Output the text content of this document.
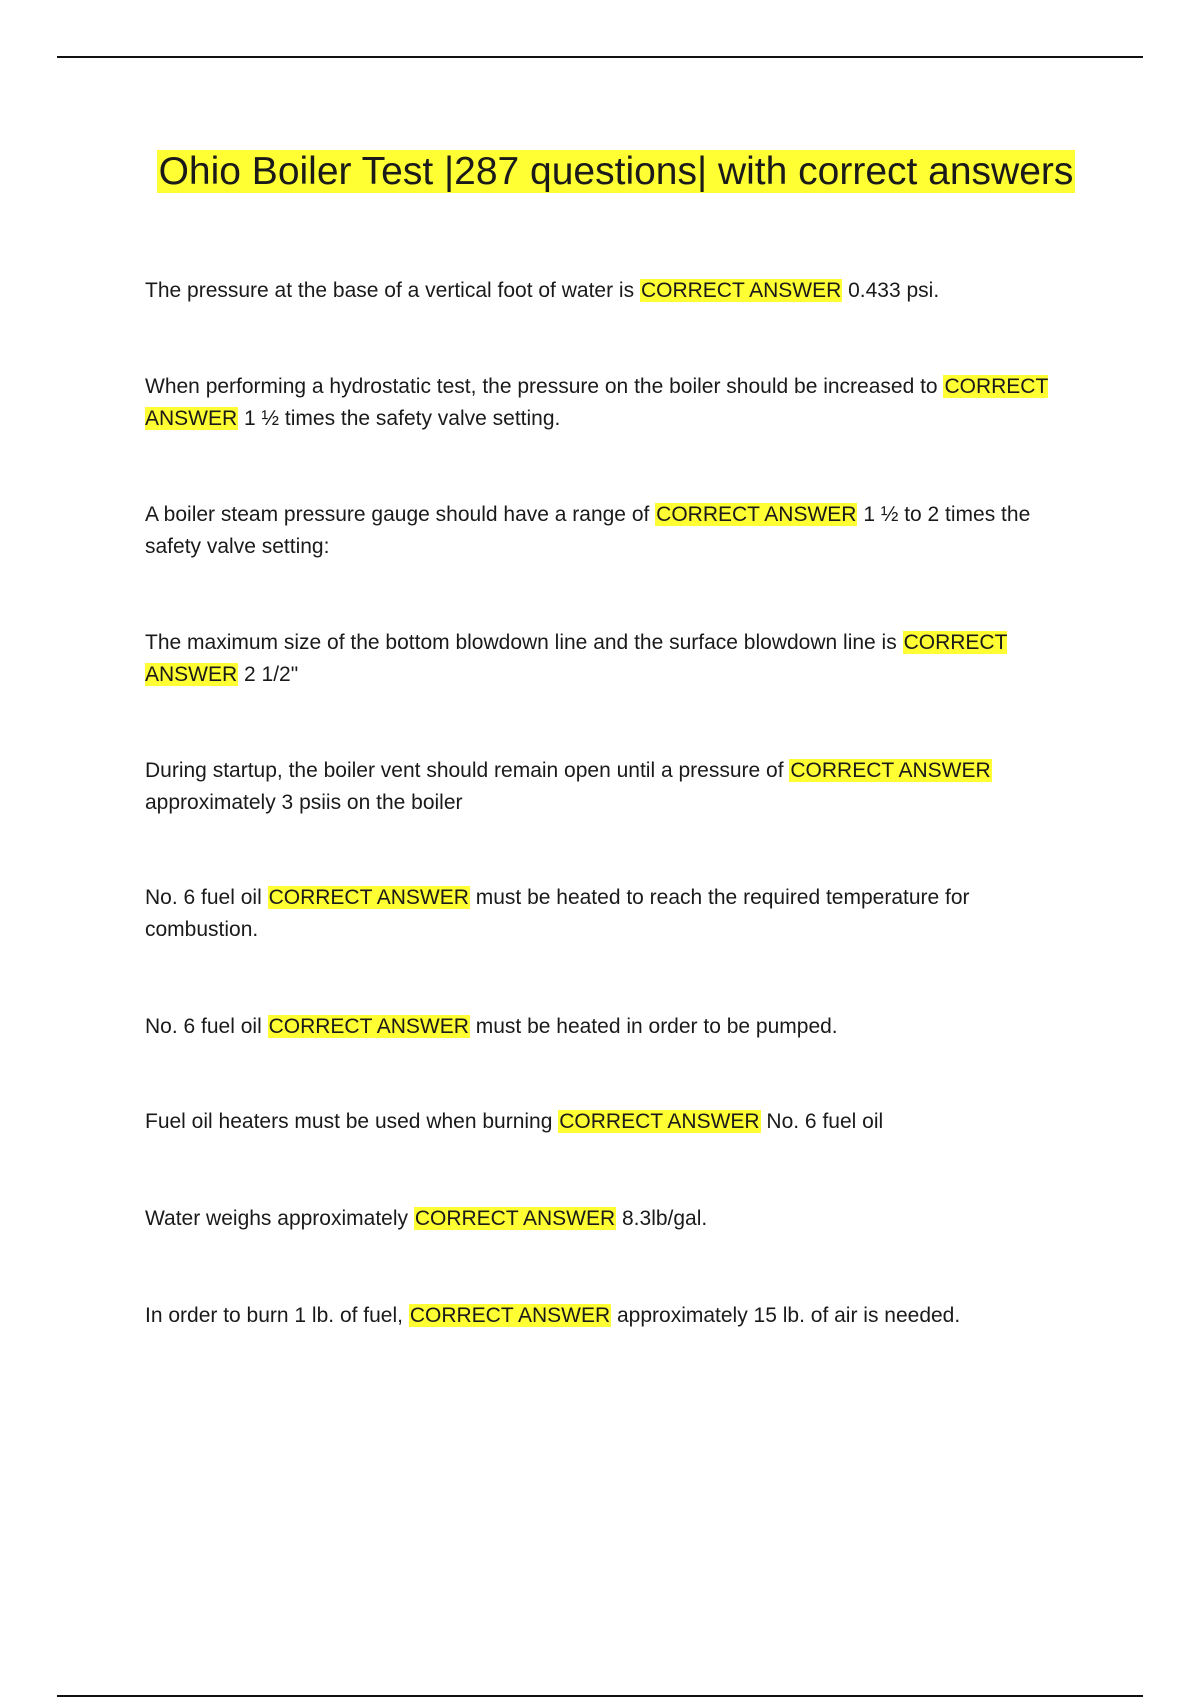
Ohio Boiler Test |287 questions| with correct answers

The pressure at the base of a vertical foot of water is CORRECT ANSWER 0.433 psi.

When performing a hydrostatic test, the pressure on the boiler should be increased to CORRECT ANSWER 1 ½ times the safety valve setting.

A boiler steam pressure gauge should have a range of CORRECT ANSWER 1 ½ to 2 times the safety valve setting:

The maximum size of the bottom blowdown line and the surface blowdown line is CORRECT ANSWER 2 1/2"

During startup, the boiler vent should remain open until a pressure of CORRECT ANSWER approximately 3 psiis on the boiler

No. 6 fuel oil CORRECT ANSWER must be heated to reach the required temperature for combustion.

No. 6 fuel oil CORRECT ANSWER must be heated in order to be pumped.

Fuel oil heaters must be used when burning CORRECT ANSWER No. 6 fuel oil

Water weighs approximately CORRECT ANSWER 8.3lb/gal.

In order to burn 1 lb. of fuel, CORRECT ANSWER approximately 15 lb. of air is needed.
